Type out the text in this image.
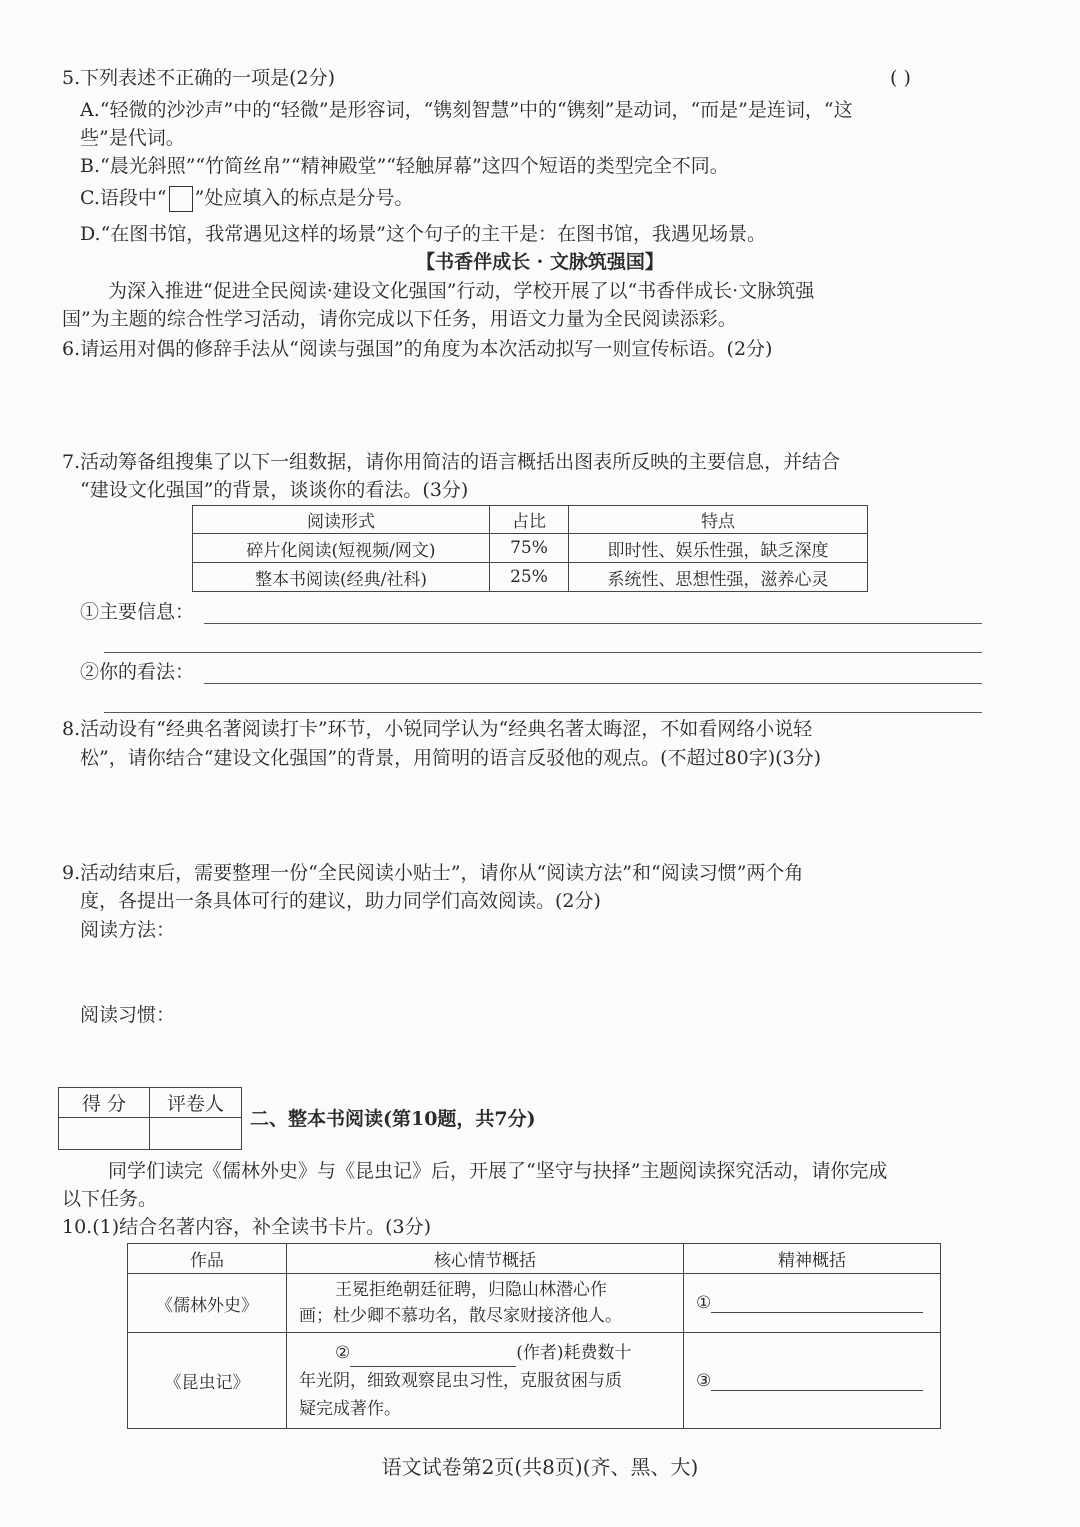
5.下列表述不正确的一项是(2分)	( )
A.“轻微的沙沙声”中的“轻微”是形容词，“镌刻智慧”中的“镌刻”是动词，“而是”是连词，“这
些”是代词。
B.“晨光斜照”“竹简丝帛”“精神殿堂”“轻触屏幕”这四个短语的类型完全不同。
C.语段中“ ”处应填入的标点是分号。
D.“在图书馆，我常遇见这样的场景”这个句子的主干是：在图书馆，我遇见场景。
【书香伴成长 · 文脉筑强国】
为深入推进“促进全民阅读·建设文化强国”行动，学校开展了以“书香伴成长·文脉筑强
国”为主题的综合性学习活动，请你完成以下任务，用语文力量为全民阅读添彩。
6.请运用对偶的修辞手法从“阅读与强国”的角度为本次活动拟写一则宣传标语。(2分)
7.活动筹备组搜集了以下一组数据，请你用简洁的语言概括出图表所反映的主要信息，并结合
“建设文化强国”的背景，谈谈你的看法。(3分)
阅读形式	占比	特点
碎片化阅读(短视频/网文)	75%	即时性、娱乐性强，缺乏深度
整本书阅读(经典/社科)	25%	系统性、思想性强，滋养心灵
①主要信息：
②你的看法：
8.活动设有“经典名著阅读打卡”环节，小锐同学认为“经典名著太晦涩，不如看网络小说轻
松”，请你结合“建设文化强国”的背景，用简明的语言反驳他的观点。(不超过80字)(3分)
9.活动结束后，需要整理一份“全民阅读小贴士”，请你从“阅读方法”和“阅读习惯”两个角
度，各提出一条具体可行的建议，助力同学们高效阅读。(2分)
阅读方法：
阅读习惯：
得 分	评卷人

二、整本书阅读(第10题，共7分)
同学们读完《儒林外史》与《昆虫记》后，开展了“坚守与抉择”主题阅读探究活动，请你完成
以下任务。
10.(1)结合名著内容，补全读书卡片。(3分)
作品	核心情节概括	精神概括
《儒林外史》	王冕拒绝朝廷征聘，归隐山林潜心作
画；杜少卿不慕功名，散尽家财接济他人。	①
《昆虫记》	② (作者)耗费数十
年光阴，细致观察昆虫习性，克服贫困与质
疑完成著作。	③
语文试卷第2页(共8页)(齐、黑、大)
